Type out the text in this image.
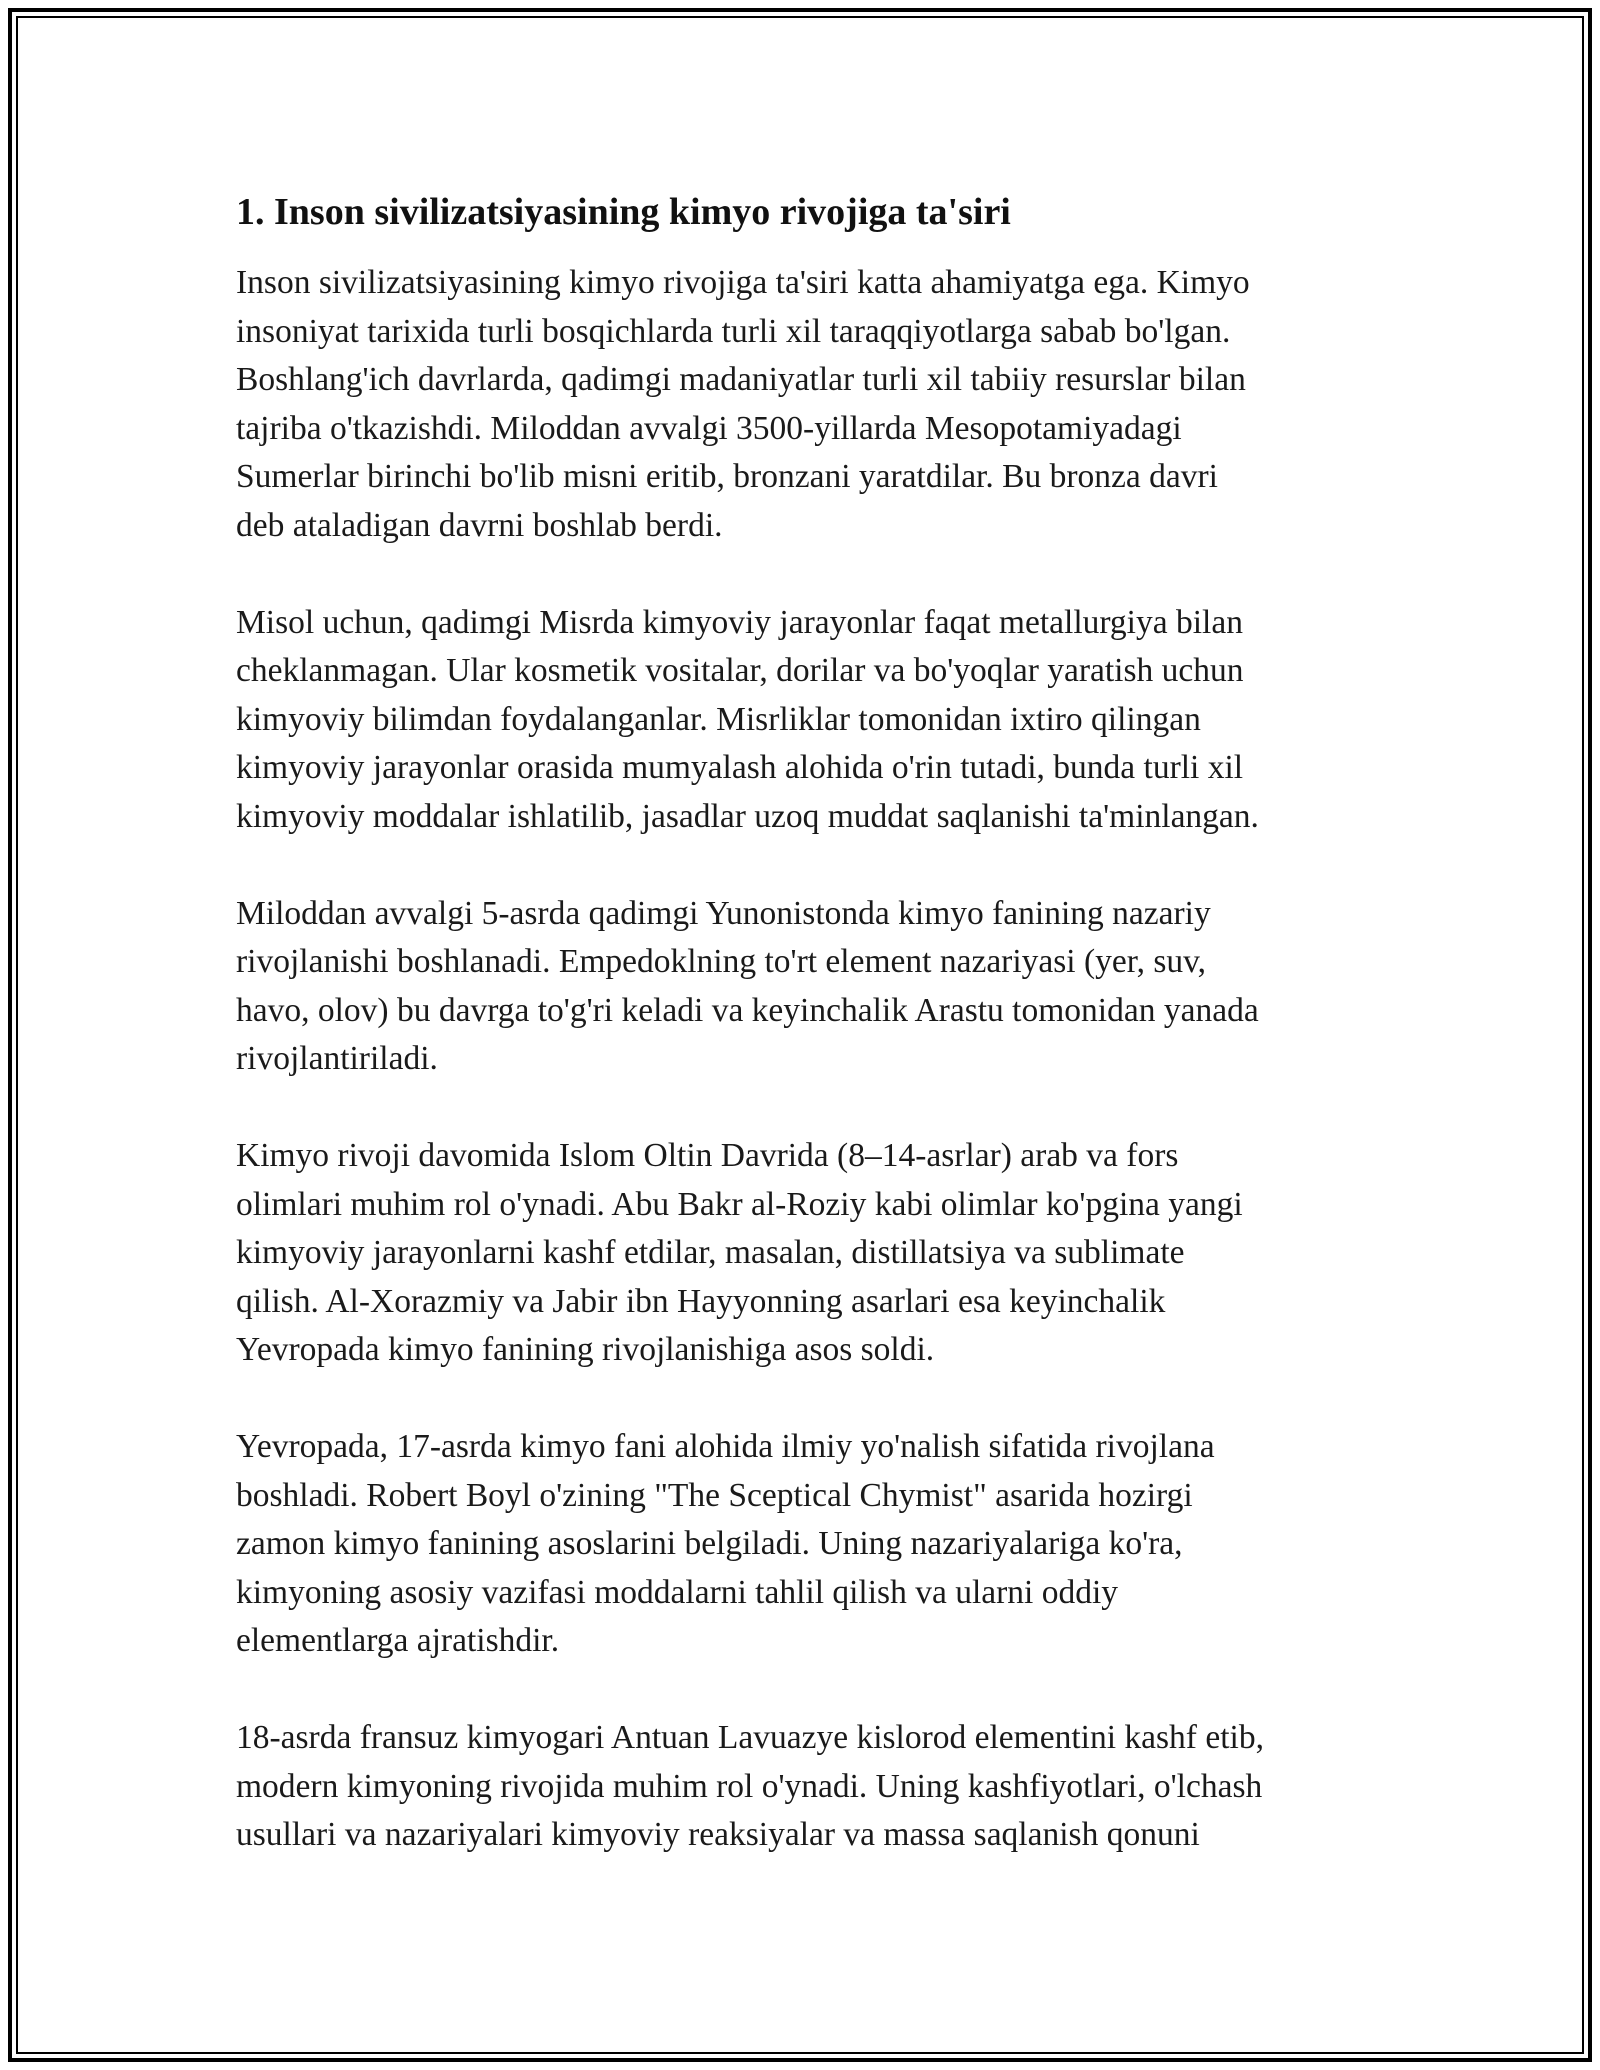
1. Inson sivilizatsiyasining kimyo rivojiga ta'siri

Inson sivilizatsiyasining kimyo rivojiga ta'siri katta ahamiyatga ega. Kimyo
insoniyat tarixida turli bosqichlarda turli xil taraqqiyotlarga sabab bo'lgan.
Boshlang'ich davrlarda, qadimgi madaniyatlar turli xil tabiiy resurslar bilan
tajriba o'tkazishdi. Miloddan avvalgi 3500-yillarda Mesopotamiyadagi
Sumerlar birinchi bo'lib misni eritib, bronzani yaratdilar. Bu bronza davri
deb ataladigan davrni boshlab berdi.

Misol uchun, qadimgi Misrda kimyoviy jarayonlar faqat metallurgiya bilan
cheklanmagan. Ular kosmetik vositalar, dorilar va bo'yoqlar yaratish uchun
kimyoviy bilimdan foydalanganlar. Misrliklar tomonidan ixtiro qilingan
kimyoviy jarayonlar orasida mumyalash alohida o'rin tutadi, bunda turli xil
kimyoviy moddalar ishlatilib, jasadlar uzoq muddat saqlanishi ta'minlangan.

Miloddan avvalgi 5-asrda qadimgi Yunonistonda kimyo fanining nazariy
rivojlanishi boshlanadi. Empedoklning to'rt element nazariyasi (yer, suv,
havo, olov) bu davrga to'g'ri keladi va keyinchalik Arastu tomonidan yanada
rivojlantiriladi.

Kimyo rivoji davomida Islom Oltin Davrida (8–14-asrlar) arab va fors
olimlari muhim rol o'ynadi. Abu Bakr al-Roziy kabi olimlar ko'pgina yangi
kimyoviy jarayonlarni kashf etdilar, masalan, distillatsiya va sublimate
qilish. Al-Xorazmiy va Jabir ibn Hayyonning asarlari esa keyinchalik
Yevropada kimyo fanining rivojlanishiga asos soldi.

Yevropada, 17-asrda kimyo fani alohida ilmiy yo'nalish sifatida rivojlana
boshladi. Robert Boyl o'zining "The Sceptical Chymist" asarida hozirgi
zamon kimyo fanining asoslarini belgiladi. Uning nazariyalariga ko'ra,
kimyoning asosiy vazifasi moddalarni tahlil qilish va ularni oddiy
elementlarga ajratishdir.

18-asrda fransuz kimyogari Antuan Lavuazye kislorod elementini kashf etib,
modern kimyoning rivojida muhim rol o'ynadi. Uning kashfiyotlari, o'lchash
usullari va nazariyalari kimyoviy reaksiyalar va massa saqlanish qonuni
